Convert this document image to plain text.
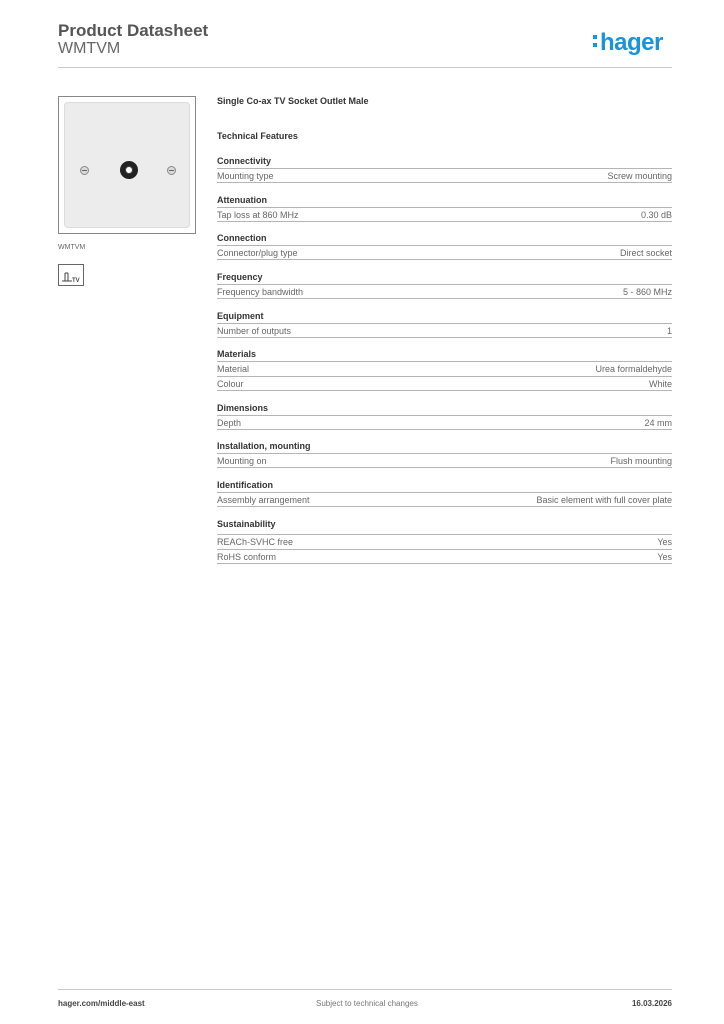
Product Datasheet
WMTVM	hager
WMTVM
TV
Single Co-ax TV Socket Outlet Male
Technical Features
Connectivity
Mounting type	Screw mounting
Attenuation
Tap loss at 860 MHz	0.30 dB
Connection
Connector/plug type	Direct socket
Frequency
Frequency bandwidth	5 - 860 MHz
Equipment
Number of outputs	1
Materials
Material	Urea formaldehyde
Colour	White
Dimensions
Depth	24 mm
Installation, mounting
Mounting on	Flush mounting
Identification
Assembly arrangement	Basic element with full cover plate
Sustainability
REACh-SVHC free	Yes
RoHS conform	Yes
hager.com/middle-east	Subject to technical changes	16.03.2026
